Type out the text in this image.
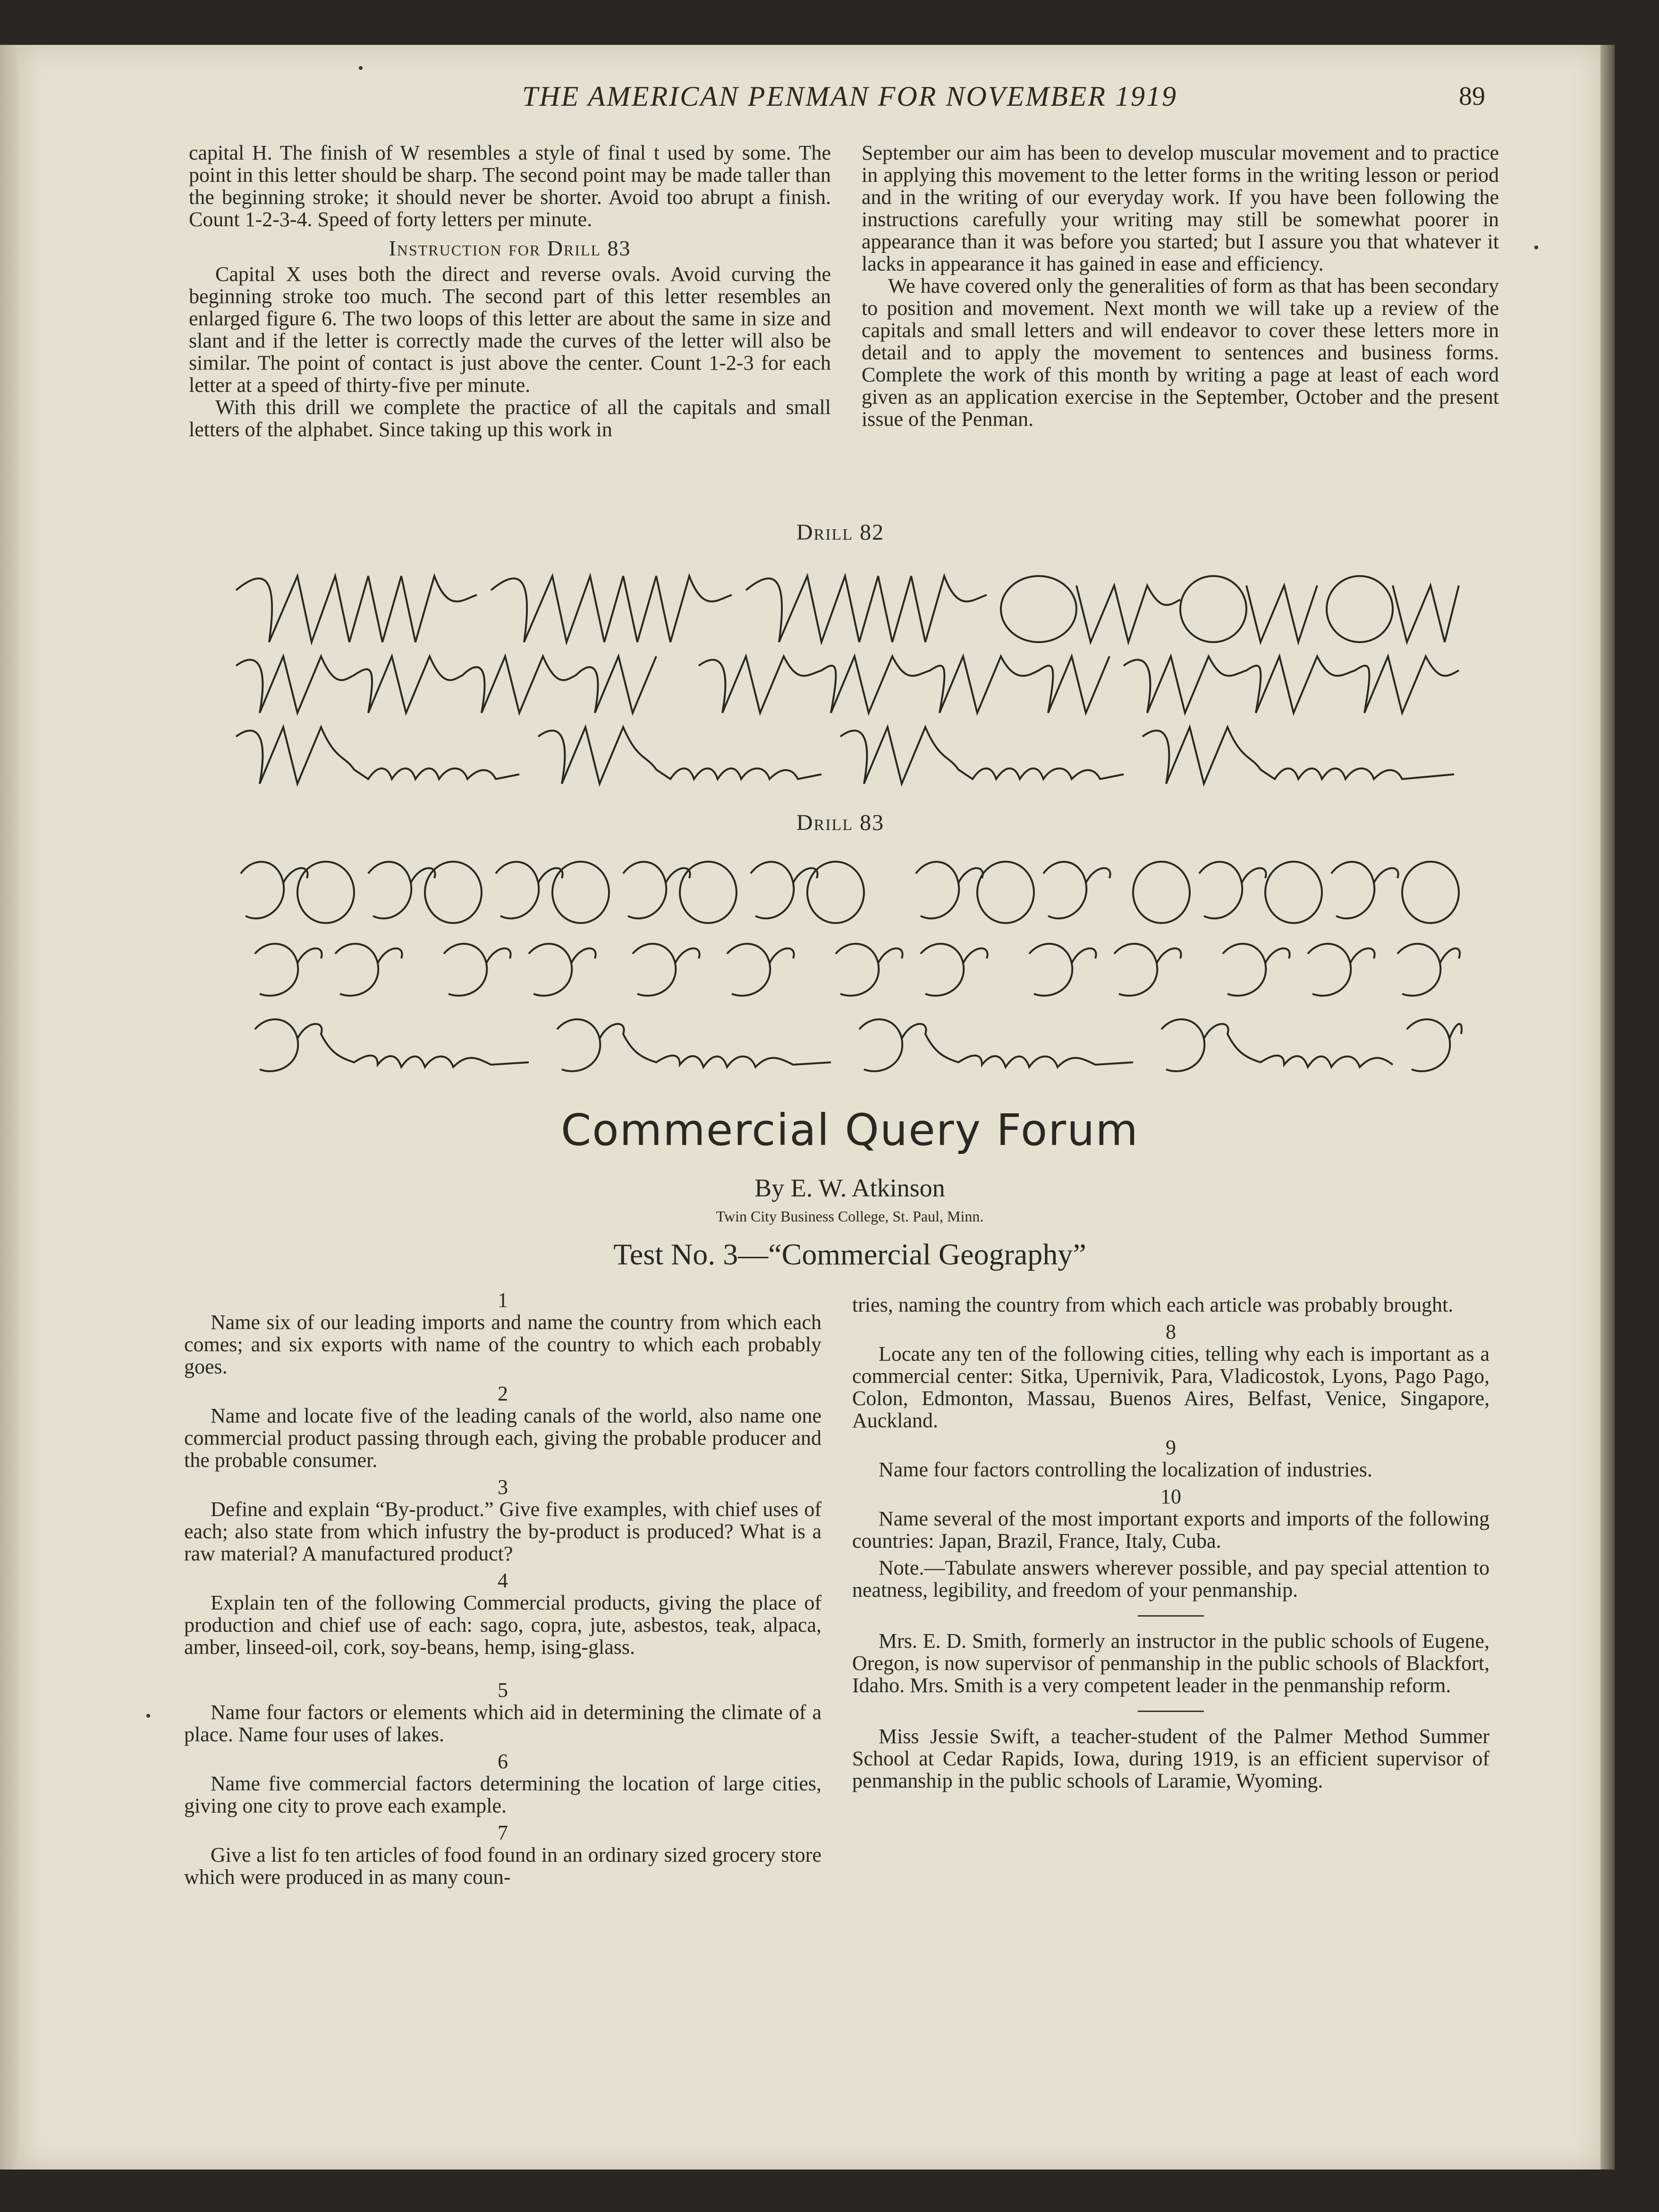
THE AMERICAN PENMAN FOR NOVEMBER 1919	89

capital H. The finish of W resembles a style of final t used by some. The point in this letter should be sharp. The second point may be made taller than the beginning stroke; it should never be shorter. Avoid too abrupt a finish. Count 1-2-3-4. Speed of forty letters per minute.

Instruction for Drill 83

Capital X uses both the direct and reverse ovals. Avoid curving the beginning stroke too much. The second part of this letter resembles an enlarged figure 6. The two loops of this letter are about the same in size and slant and if the letter is correctly made the curves of the letter will also be similar. The point of contact is just above the center. Count 1-2-3 for each letter at a speed of thirty-five per minute.

With this drill we complete the practice of all the capitals and small letters of the alphabet. Since taking up this work in

September our aim has been to develop muscular movement and to practice in applying this movement to the letter forms in the writing lesson or period and in the writing of our everyday work. If you have been following the instructions carefully your writing may still be somewhat poorer in appearance than it was before you started; but I assure you that whatever it lacks in appearance it has gained in ease and efficiency.

We have covered only the generalities of form as that has been secondary to position and movement. Next month we will take up a review of the capitals and small letters and will endeavor to cover these letters more in detail and to apply the movement to sentences and business forms. Complete the work of this month by writing a page at least of each word given as an application exercise in the September, October and the present issue of the Penman.

Drill 82
Drill 83
Commercial Query Forum
By E. W. Atkinson
Twin City Business College, St. Paul, Minn.
Test No. 3—“Commercial Geography”
1

Name six of our leading imports and name the country from which each comes; and six exports with name of the country to which each probably goes.

2

Name and locate five of the leading canals of the world, also name one commercial product passing through each, giving the probable producer and the probable consumer.

3

Define and explain “By-product.” Give five examples, with chief uses of each; also state from which infustry the by-product is produced? What is a raw material? A manufactured product?

4

Explain ten of the following Commercial products, giving the place of production and chief use of each: sago, copra, jute, asbestos, teak, alpaca, amber, linseed-oil, cork, soy-beans, hemp, ising-glass.

5

Name four factors or elements which aid in determining the climate of a place. Name four uses of lakes.

6

Name five commercial factors determining the location of large cities, giving one city to prove each example.

7

Give a list fo ten articles of food found in an ordinary sized grocery store which were produced in as many coun-

tries, naming the country from which each article was probably brought.

8

Locate any ten of the following cities, telling why each is important as a commercial center: Sitka, Upernivik, Para, Vladicostok, Lyons, Pago Pago, Colon, Edmonton, Massau, Buenos Aires, Belfast, Venice, Singapore, Auckland.

9

Name four factors controlling the localization of industries.

10

Name several of the most important exports and imports of the following countries: Japan, Brazil, France, Italy, Cuba.

Note.—Tabulate answers wherever possible, and pay special attention to neatness, legibility, and freedom of your penmanship.

Mrs. E. D. Smith, formerly an instructor in the public schools of Eugene, Oregon, is now supervisor of penmanship in the public schools of Blackfort, Idaho. Mrs. Smith is a very competent leader in the penmanship reform.

Miss Jessie Swift, a teacher-student of the Palmer Method Summer School at Cedar Rapids, Iowa, during 1919, is an efficient supervisor of penmanship in the public schools of Laramie, Wyoming.
